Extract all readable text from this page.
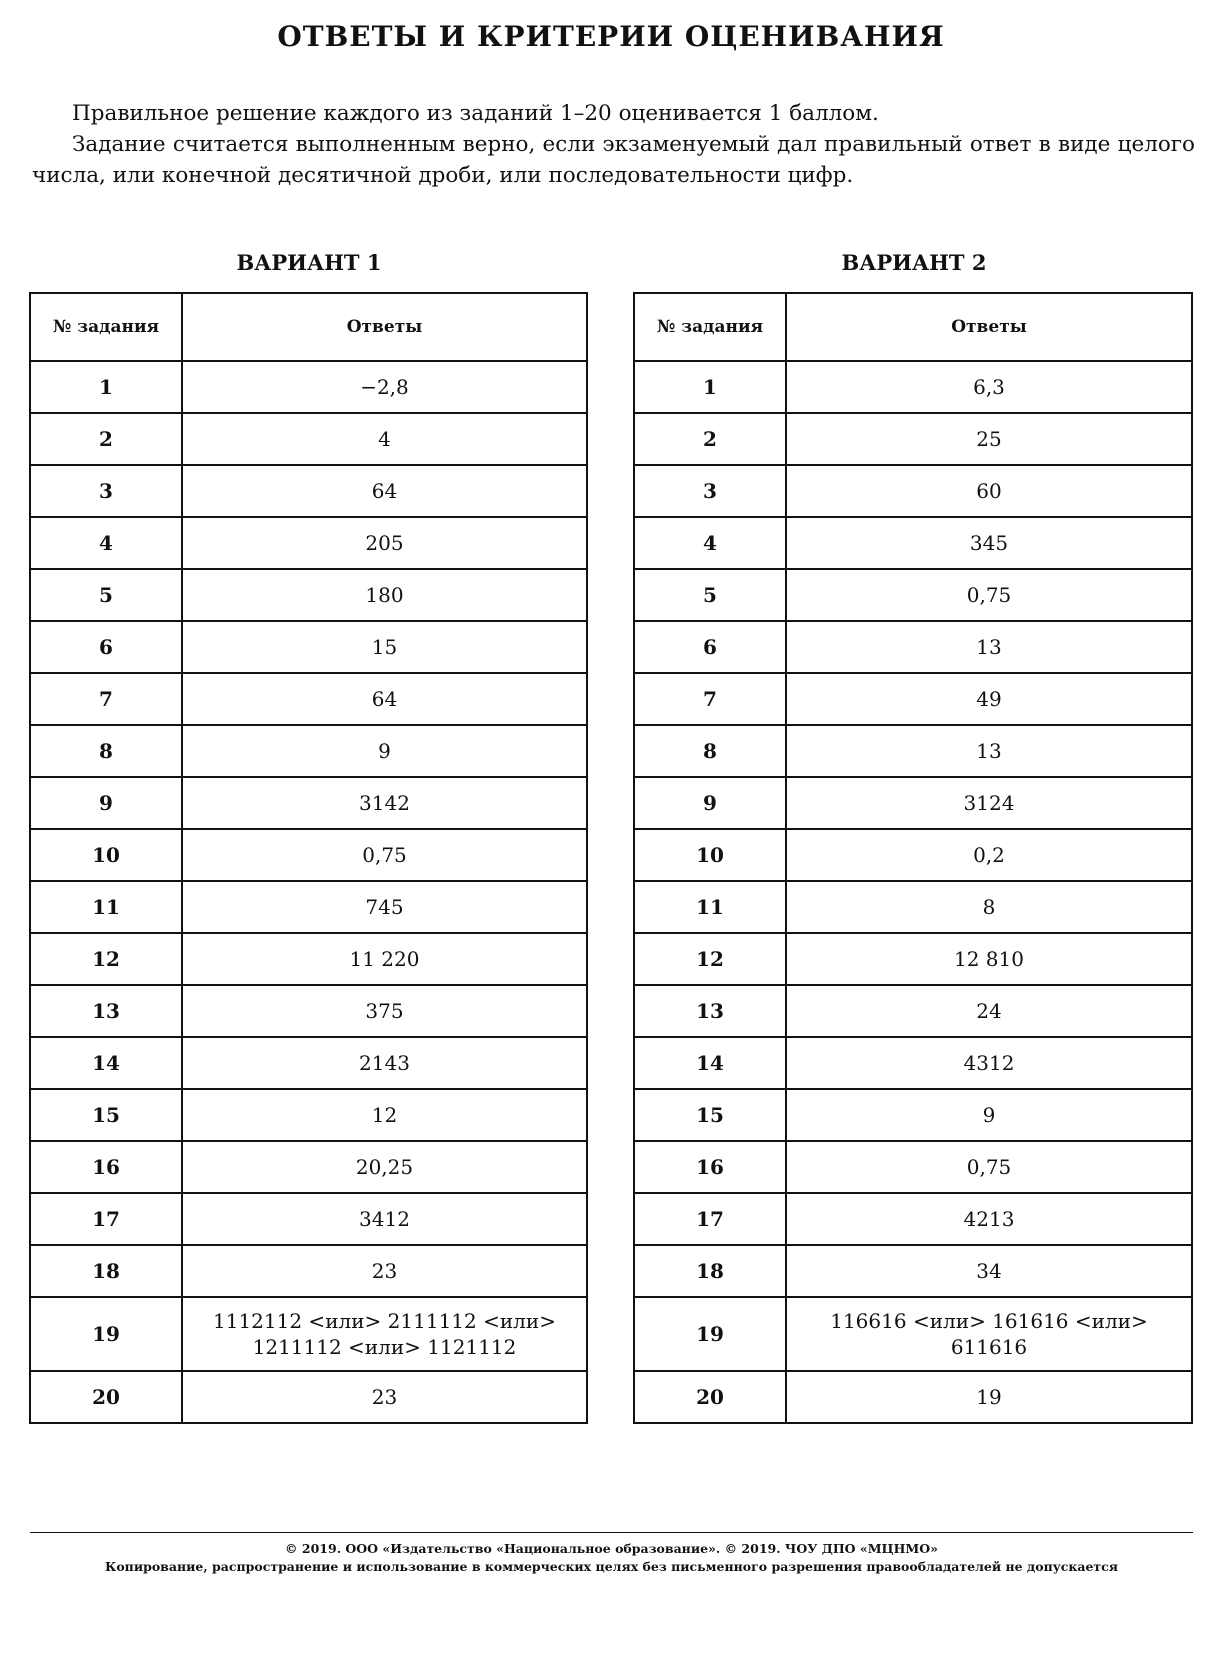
ОТВЕТЫ И КРИТЕРИИ ОЦЕНИВАНИЯ

Правильное решение каждого из заданий 1–20 оценивается 1 баллом.

Задание считается выполненным верно, если экзаменуемый дал правильный ответ в виде целого числа, или конечной десятичной дроби, или последовательности цифр.

ВАРИАНТ 1	ВАРИАНТ 2
№ задания	Ответы
1	−2,8
2	4
3	64
4	205
5	180
6	15
7	64
8	9
9	3142
10	0,75
11	745
12	11 220
13	375
14	2143
15	12
16	20,25
17	3412
18	23
19	1112112 <или> 2111112 <или> 1211112 <или> 1121112
20	23
№ задания	Ответы
1	6,3
2	25
3	60
4	345
5	0,75
6	13
7	49
8	13
9	3124
10	0,2
11	8
12	12 810
13	24
14	4312
15	9
16	0,75
17	4213
18	34
19	116616 <или> 161616 <или> 611616
20	19
© 2019. ООО «Издательство «Национальное образование». © 2019. ЧОУ ДПО «МЦНМО»
Копирование, распространение и использование в коммерческих целях без письменного разрешения правообладателей не допускается
